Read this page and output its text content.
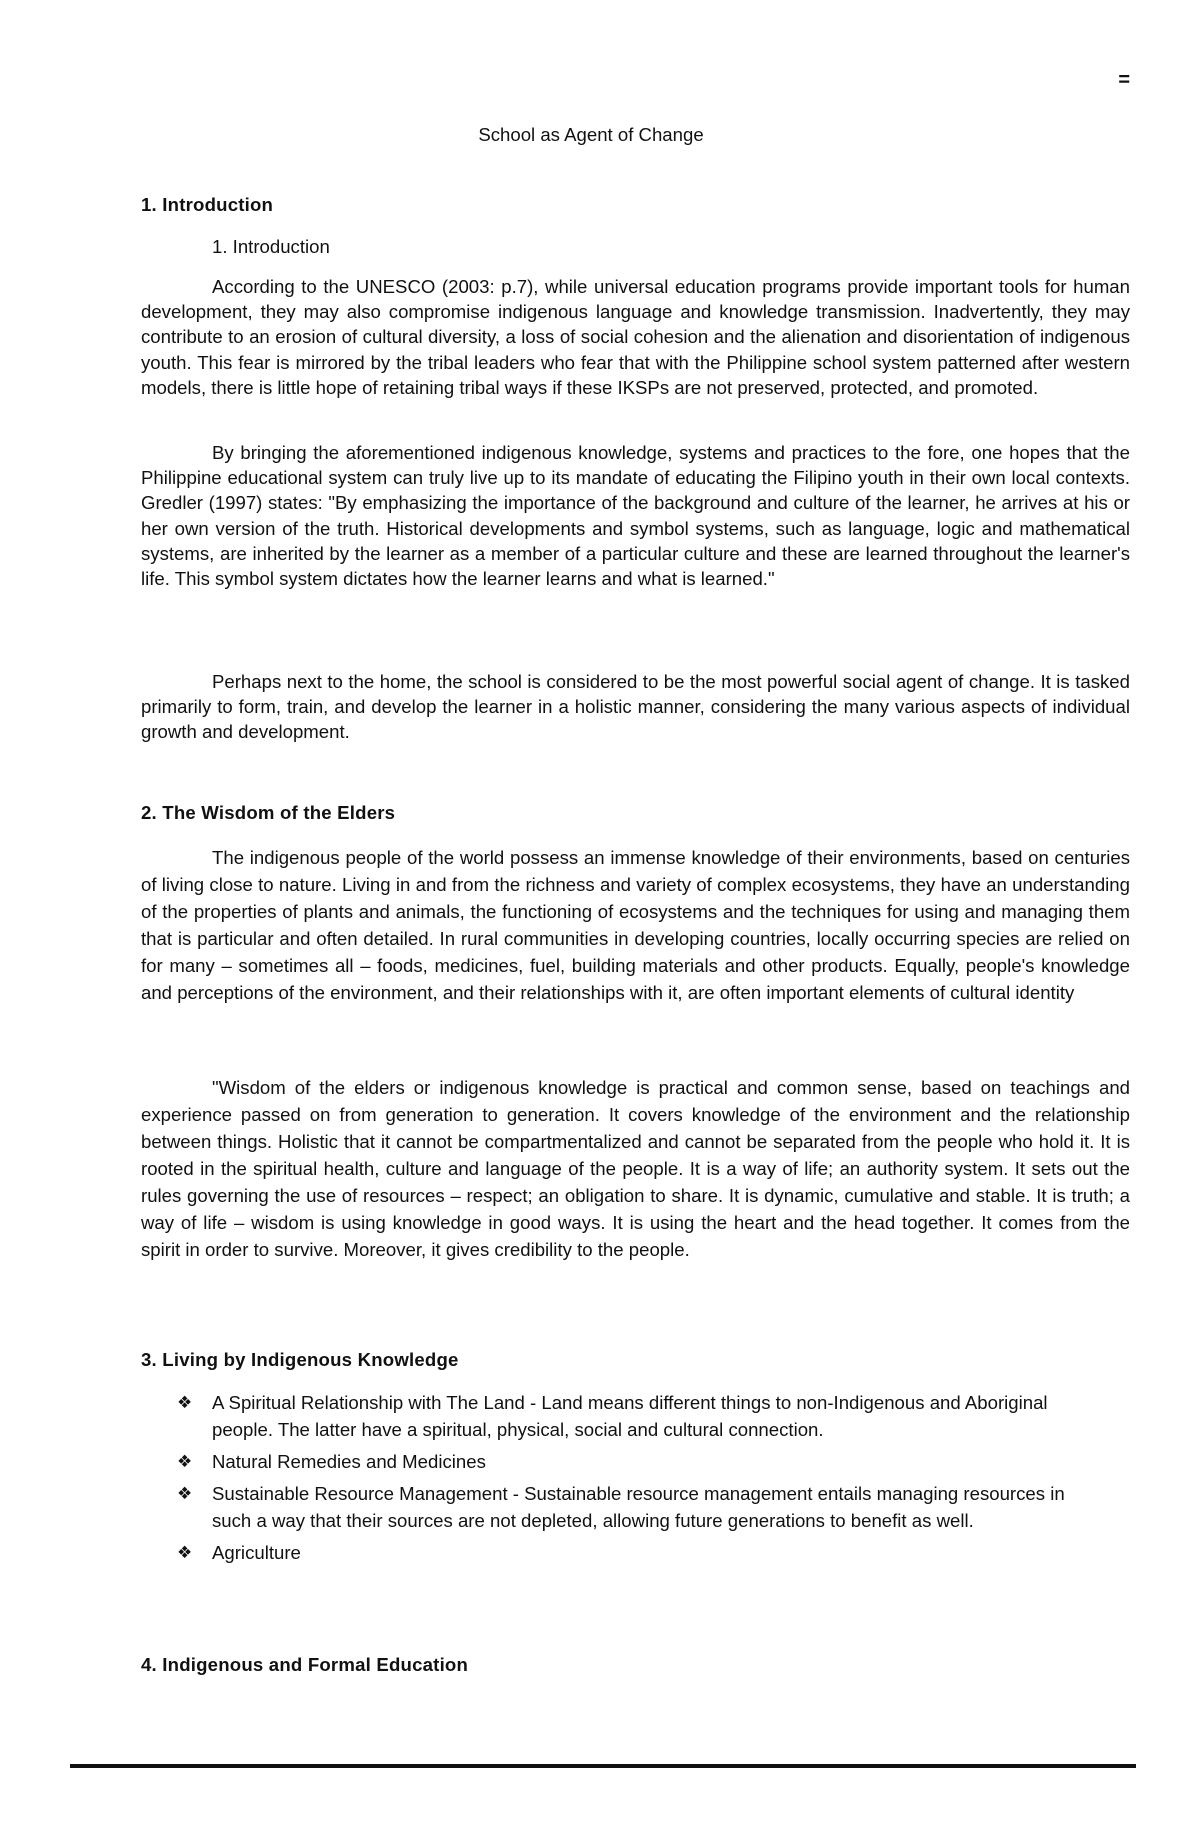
=
School as Agent of Change
1. Introduction
1. Introduction

According to the UNESCO (2003: p.7), while universal education programs provide important tools for human development, they may also compromise indigenous language and knowledge transmission. Inadvertently, they may contribute to an erosion of cultural diversity, a loss of social cohesion and the alienation and disorientation of indigenous youth. This fear is mirrored by the tribal leaders who fear that with the Philippine school system patterned after western models, there is little hope of retaining tribal ways if these IKSPs are not preserved, protected, and promoted.

By bringing the aforementioned indigenous knowledge, systems and practices to the fore, one hopes that the Philippine educational system can truly live up to its mandate of educating the Filipino youth in their own local contexts. Gredler (1997) states: "By emphasizing the importance of the background and culture of the learner, he arrives at his or her own version of the truth. Historical developments and symbol systems, such as language, logic and mathematical systems, are inherited by the learner as a member of a particular culture and these are learned throughout the learner's life. This symbol system dictates how the learner learns and what is learned."

Perhaps next to the home, the school is considered to be the most powerful social agent of change. It is tasked primarily to form, train, and develop the learner in a holistic manner, considering the many various aspects of individual growth and development.

2. The Wisdom of the Elders

The indigenous people of the world possess an immense knowledge of their environments, based on centuries of living close to nature. Living in and from the richness and variety of complex ecosystems, they have an understanding of the properties of plants and animals, the functioning of ecosystems and the techniques for using and managing them that is particular and often detailed. In rural communities in developing countries, locally occurring species are relied on for many – sometimes all – foods, medicines, fuel, building materials and other products. Equally, people's knowledge and perceptions of the environment, and their relationships with it, are often important elements of cultural identity

"Wisdom of the elders or indigenous knowledge is practical and common sense, based on teachings and experience passed on from generation to generation. It covers knowledge of the environment and the relationship between things. Holistic that it cannot be compartmentalized and cannot be separated from the people who hold it. It is rooted in the spiritual health, culture and language of the people. It is a way of life; an authority system. It sets out the rules governing the use of resources – respect; an obligation to share. It is dynamic, cumulative and stable. It is truth; a way of life – wisdom is using knowledge in good ways. It is using the heart and the head together. It comes from the spirit in order to survive. Moreover, it gives credibility to the people.

3. Living by Indigenous Knowledge
4. Indigenous and Formal Education
❖ A Spiritual Relationship with The Land - Land means different things to non-Indigenous and Aboriginal people. The latter have a spiritual, physical, social and cultural connection.
❖ Natural Remedies and Medicines
❖ Sustainable Resource Management - Sustainable resource management entails managing resources in such a way that their sources are not depleted, allowing future generations to benefit as well.
❖ Agriculture
